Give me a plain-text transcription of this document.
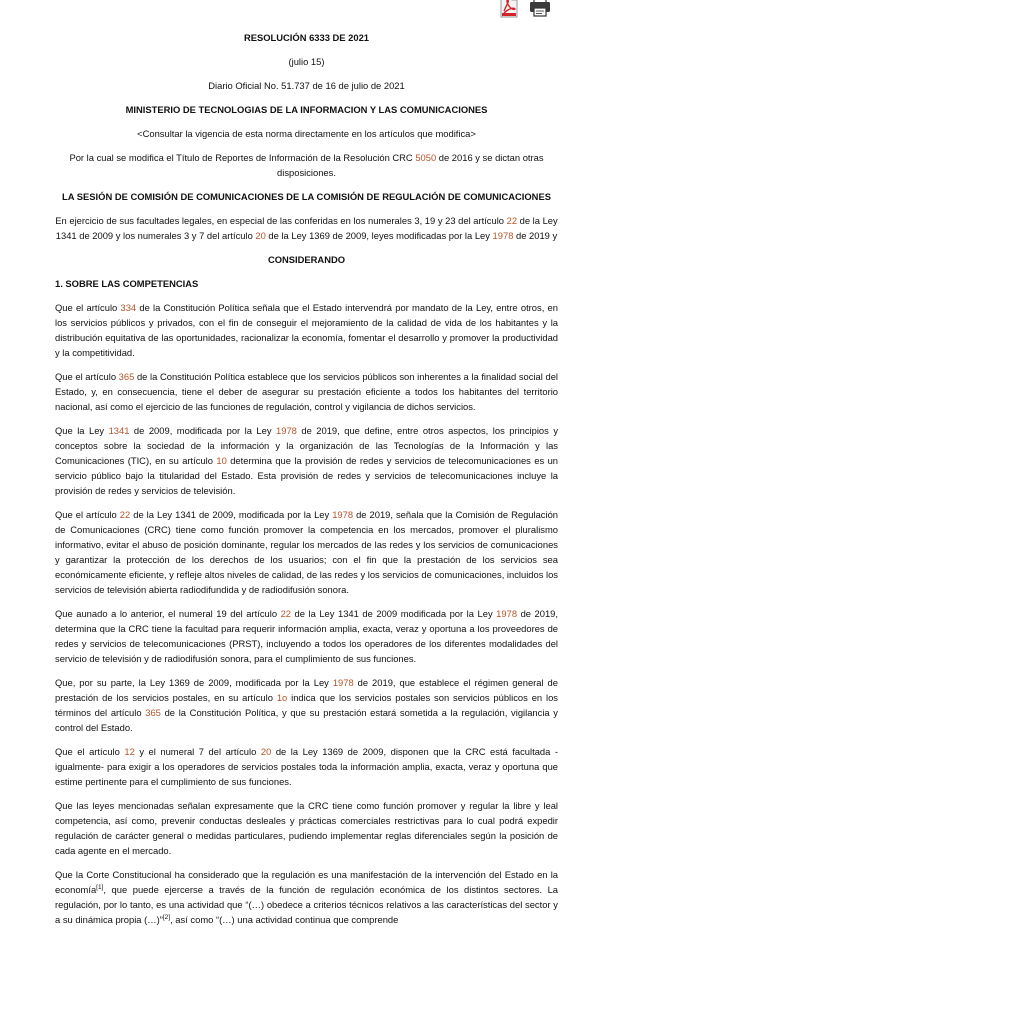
RESOLUCIÓN 6333 DE 2021

(julio 15)

Diario Oficial No. 51.737 de 16 de julio de 2021

MINISTERIO DE TECNOLOGIAS DE LA INFORMACION Y LAS COMUNICACIONES

<Consultar la vigencia de esta norma directamente en los artículos que modifica>

Por la cual se modifica el Título de Reportes de Información de la Resolución CRC 5050 de 2016 y se dictan otras disposiciones.

LA SESIÓN DE COMISIÓN DE COMUNICACIONES DE LA COMISIÓN DE REGULACIÓN DE COMUNICACIONES

En ejercicio de sus facultades legales, en especial de las conferidas en los numerales 3, 19 y 23 del artículo 22 de la Ley 1341 de 2009 y los numerales 3 y 7 del artículo 20 de la Ley 1369 de 2009, leyes modificadas por la Ley 1978 de 2019 y

CONSIDERANDO

1. SOBRE LAS COMPETENCIAS

Que el artículo 334 de la Constitución Política señala que el Estado intervendrá por mandato de la Ley, entre otros, en los servicios públicos y privados, con el fin de conseguir el mejoramiento de la calidad de vida de los habitantes y la distribución equitativa de las oportunidades, racionalizar la economía, fomentar el desarrollo y promover la productividad y la competitividad.

Que el artículo 365 de la Constitución Política establece que los servicios públicos son inherentes a la finalidad social del Estado, y, en consecuencia, tiene el deber de asegurar su prestación eficiente a todos los habitantes del territorio nacional, así como el ejercicio de las funciones de regulación, control y vigilancia de dichos servicios.

Que la Ley 1341 de 2009, modificada por la Ley 1978 de 2019, que define, entre otros aspectos, los principios y conceptos sobre la sociedad de la información y la organización de las Tecnologías de la Información y las Comunicaciones (TIC), en su artículo 10 determina que la provisión de redes y servicios de telecomunicaciones es un servicio público bajo la titularidad del Estado. Esta provisión de redes y servicios de telecomunicaciones incluye la provisión de redes y servicios de televisión.

Que el artículo 22 de la Ley 1341 de 2009, modificada por la Ley 1978 de 2019, señala que la Comisión de Regulación de Comunicaciones (CRC) tiene como función promover la competencia en los mercados, promover el pluralismo informativo, evitar el abuso de posición dominante, regular los mercados de las redes y los servicios de comunicaciones y garantizar la protección de los derechos de los usuarios; con el fin que la prestación de los servicios sea económicamente eficiente, y refleje altos niveles de calidad, de las redes y los servicios de comunicaciones, incluidos los servicios de televisión abierta radiodifundida y de radiodifusión sonora.

Que aunado a lo anterior, el numeral 19 del artículo 22 de la Ley 1341 de 2009 modificada por la Ley 1978 de 2019, determina que la CRC tiene la facultad para requerir información amplia, exacta, veraz y oportuna a los proveedores de redes y servicios de telecomunicaciones (PRST), incluyendo a todos los operadores de los diferentes modalidades del servicio de televisión y de radiodifusión sonora, para el cumplimiento de sus funciones.

Que, por su parte, la Ley 1369 de 2009, modificada por la Ley 1978 de 2019, que establece el régimen general de prestación de los servicios postales, en su artículo 1o indica que los servicios postales son servicios públicos en los términos del artículo 365 de la Constitución Política, y que su prestación estará sometida a la regulación, vigilancia y control del Estado.

Que el artículo 12 y el numeral 7 del artículo 20 de la Ley 1369 de 2009, disponen que la CRC está facultada -igualmente- para exigir a los operadores de servicios postales toda la información amplia, exacta, veraz y oportuna que estime pertinente para el cumplimiento de sus funciones.

Que las leyes mencionadas señalan expresamente que la CRC tiene como función promover y regular la libre y leal competencia, así como, prevenir conductas desleales y prácticas comerciales restrictivas para lo cual podrá expedir regulación de carácter general o medidas particulares, pudiendo implementar reglas diferenciales según la posición de cada agente en el mercado.

Que la Corte Constitucional ha considerado que la regulación es una manifestación de la intervención del Estado en la economía[1], que puede ejercerse a través de la función de regulación económica de los distintos sectores. La regulación, por lo tanto, es una actividad que “(…) obedece a criterios técnicos relativos a las características del sector y a su dinámica propia (…)”[2], así como “(…) una actividad continua que comprende
